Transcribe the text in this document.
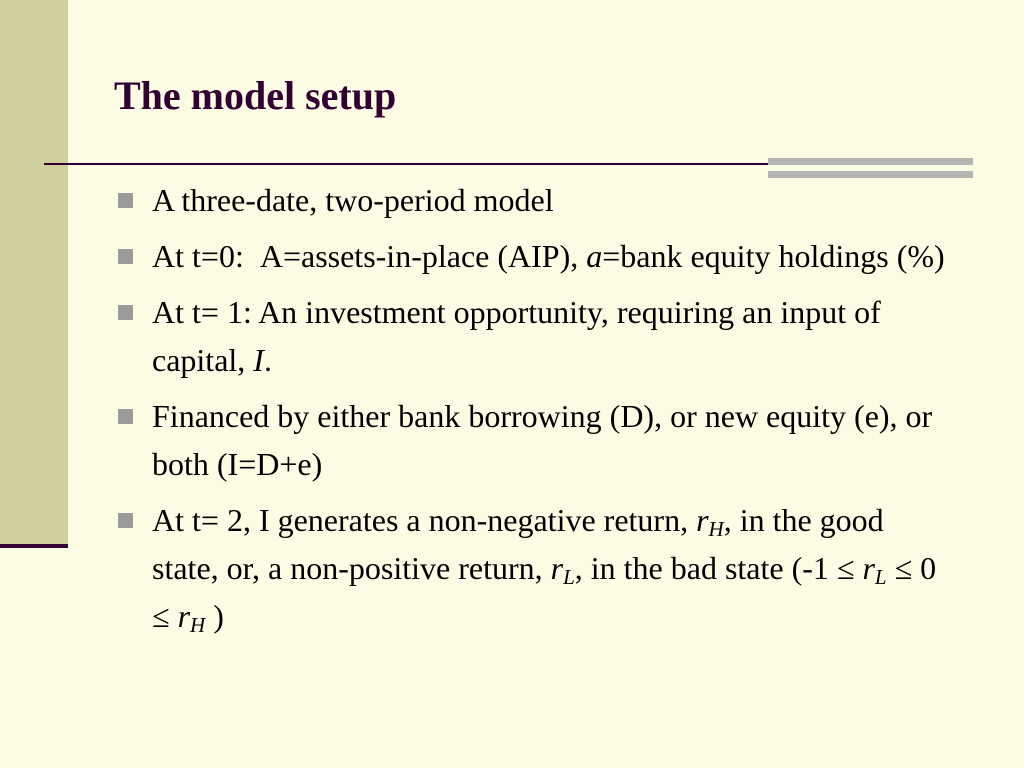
The model setup
A three-date, two-period model
At t=0:  A=assets-in-place (AIP), a=bank equity holdings (%)
At t= 1: An investment opportunity, requiring an input of capital, I.
Financed by either bank borrowing (D), or new equity (e), or both (I=D+e)
At t= 2, I generates a non-negative return, $r_H$, in the good state, or, a non-positive return, $r_L$, in the bad state ($-1 \le r_L \le 0 \le r_H$ )
